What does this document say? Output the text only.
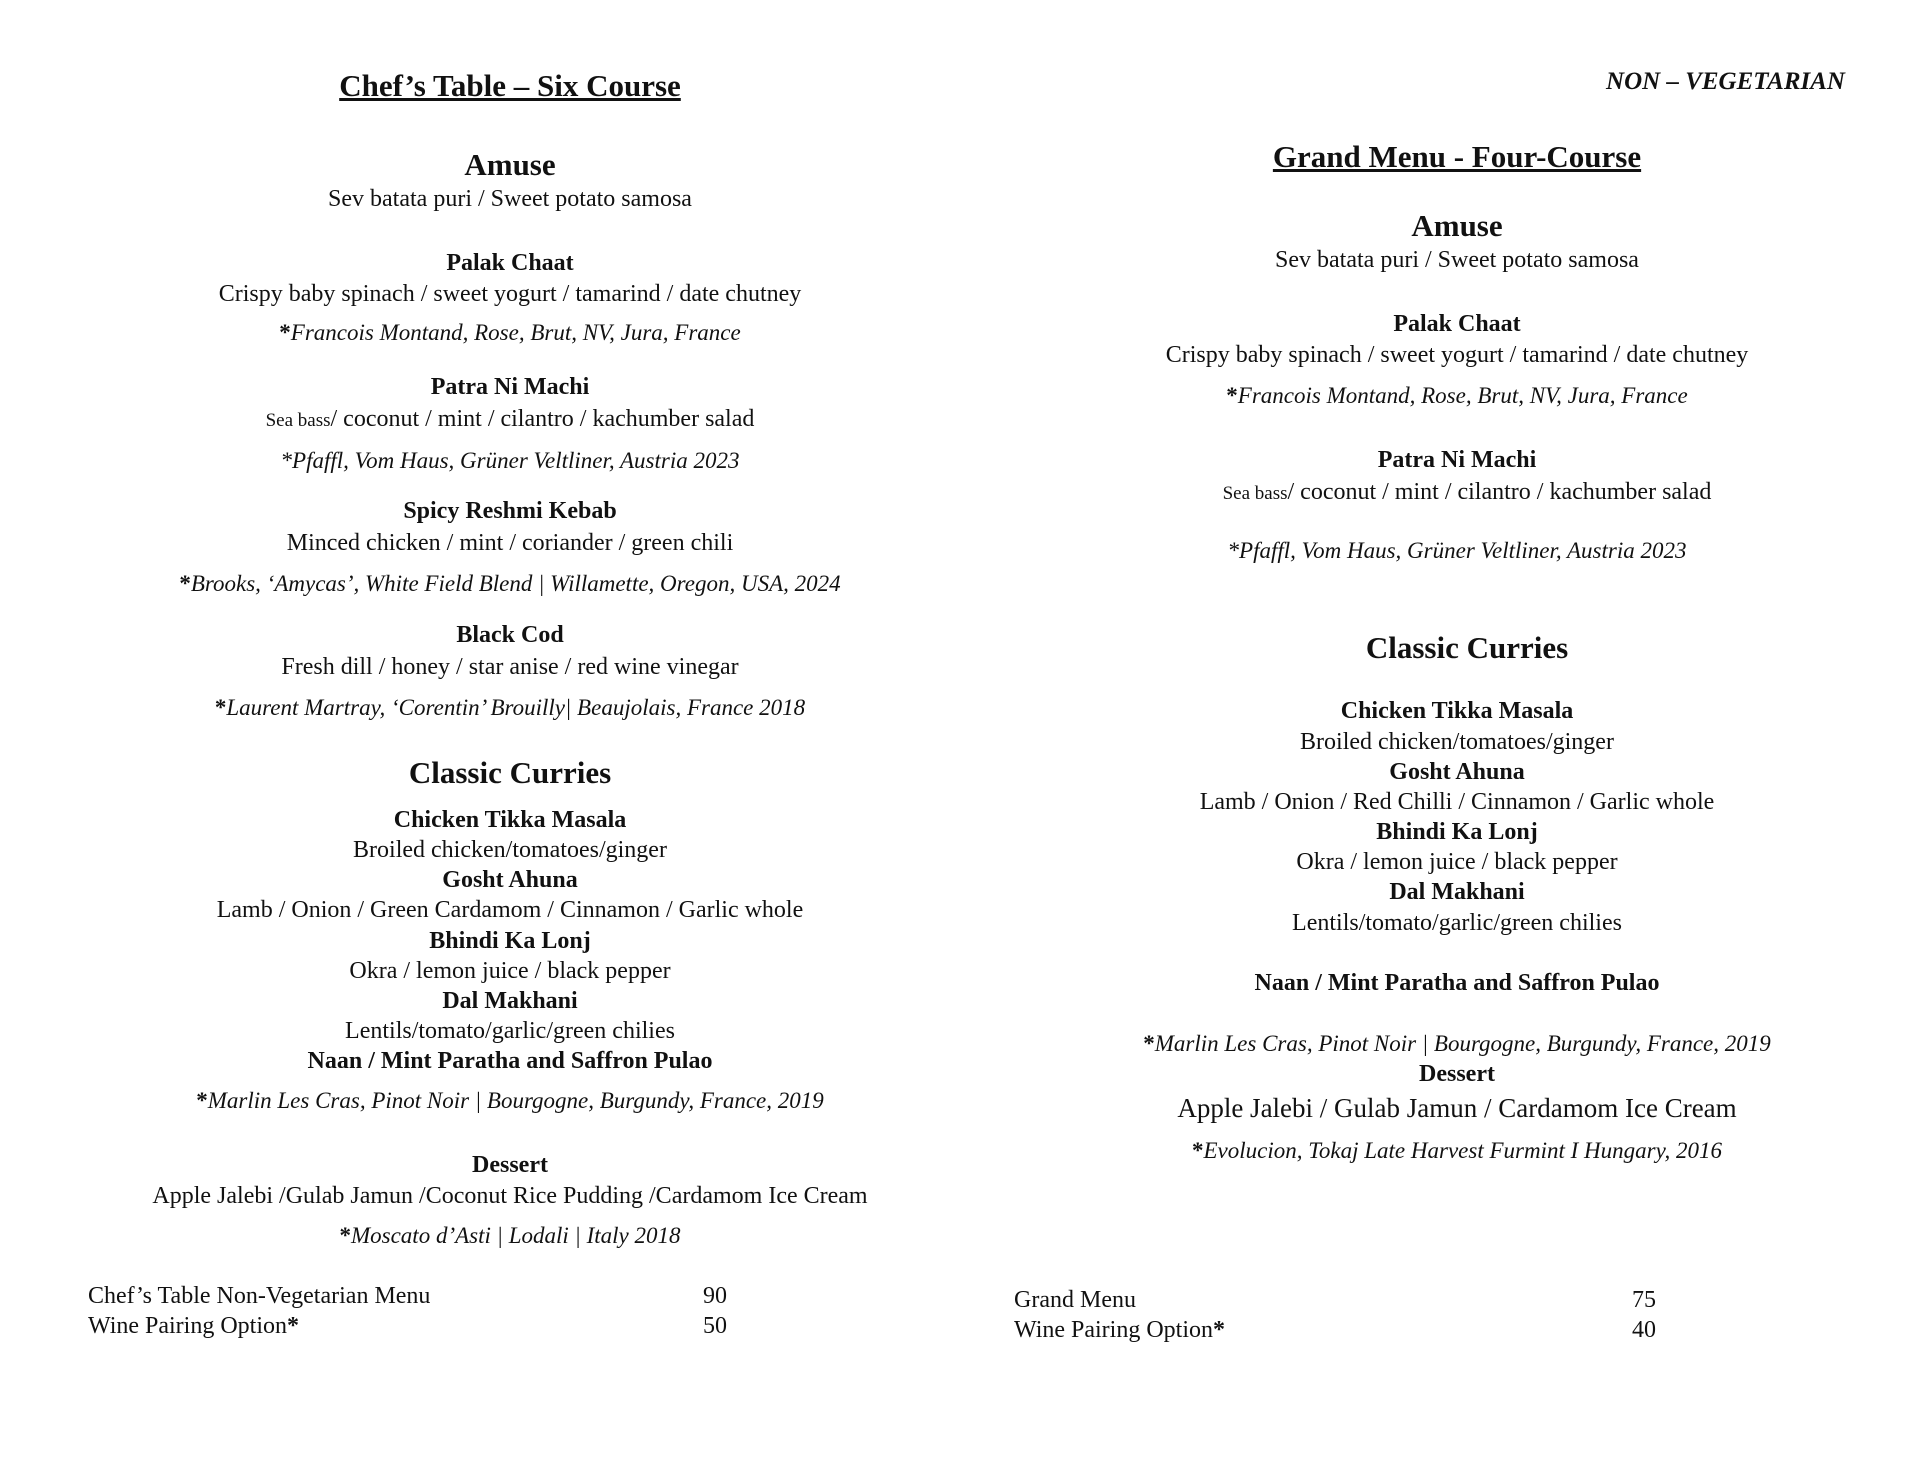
NON – VEGETARIAN
Chef’s Table – Six Course
Amuse
Sev batata puri / Sweet potato samosa
Palak Chaat
Crispy baby spinach / sweet yogurt / tamarind / date chutney
*Francois Montand, Rose, Brut, NV, Jura, France
Patra Ni Machi
Sea bass/ coconut / mint / cilantro / kachumber salad
*Pfaffl, Vom Haus, Grüner Veltliner, Austria 2023
Spicy Reshmi Kebab
Minced chicken / mint / coriander / green chili
*Brooks, ‘Amycas’, White Field Blend | Willamette, Oregon, USA, 2024
Black Cod
Fresh dill / honey / star anise / red wine vinegar
*Laurent Martray, ‘Corentin’ Brouilly| Beaujolais, France 2018
Classic Curries
Chicken Tikka Masala
Broiled chicken/tomatoes/ginger
Gosht Ahuna
Lamb / Onion / Green Cardamom / Cinnamon / Garlic whole
Bhindi Ka Lonj
Okra / lemon juice / black pepper
Dal Makhani
Lentils/tomato/garlic/green chilies
Naan / Mint Paratha and Saffron Pulao
*Marlin Les Cras, Pinot Noir | Bourgogne, Burgundy, France, 2019
Dessert
Apple Jalebi /Gulab Jamun /Coconut Rice Pudding /Cardamom Ice Cream
*Moscato d’Asti | Lodali | Italy 2018
Chef’s Table Non-Vegetarian Menu	90
Wine Pairing Option*	50
Grand Menu - Four-Course
Amuse
Sev batata puri / Sweet potato samosa
Palak Chaat
Crispy baby spinach / sweet yogurt / tamarind / date chutney
*Francois Montand, Rose, Brut, NV, Jura, France
Patra Ni Machi
Sea bass/ coconut / mint / cilantro / kachumber salad
*Pfaffl, Vom Haus, Grüner Veltliner, Austria 2023
Classic Curries
Chicken Tikka Masala
Broiled chicken/tomatoes/ginger
Gosht Ahuna
Lamb / Onion / Red Chilli / Cinnamon / Garlic whole
Bhindi Ka Lonj
Okra / lemon juice / black pepper
Dal Makhani
Lentils/tomato/garlic/green chilies
Naan / Mint Paratha and Saffron Pulao
*Marlin Les Cras, Pinot Noir | Bourgogne, Burgundy, France, 2019
Dessert
Apple Jalebi / Gulab Jamun / Cardamom Ice Cream
*Evolucion, Tokaj Late Harvest Furmint I Hungary, 2016
Grand Menu	75
Wine Pairing Option*	40
